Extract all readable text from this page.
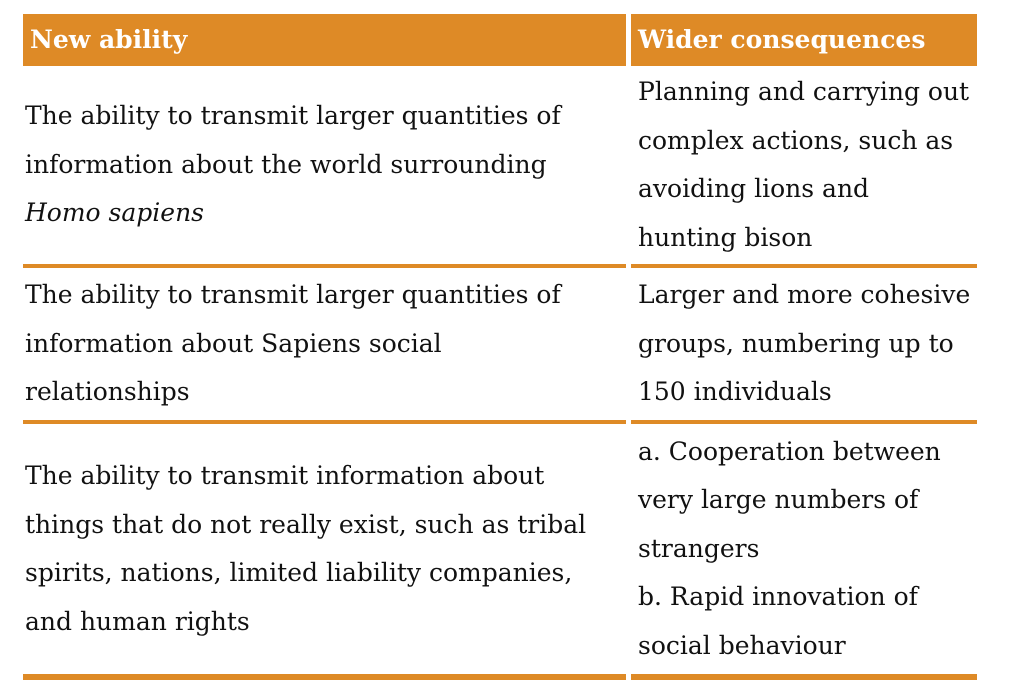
New ability	Wider consequences
The ability to transmit larger quantities of
information about the world surrounding
Homo sapiens
Planning and carrying out
complex actions, such as
avoiding lions and
hunting bison
The ability to transmit larger quantities of
information about Sapiens social
relationships
Larger and more cohesive
groups, numbering up to
150 individuals
The ability to transmit information about
things that do not really exist, such as tribal
spirits, nations, limited liability companies,
and human rights
a. Cooperation between
very large numbers of
strangers
b. Rapid innovation of
social behaviour
